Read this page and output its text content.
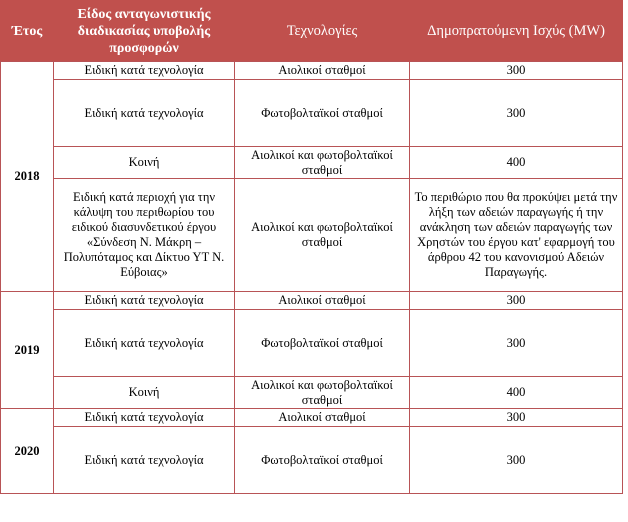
Έτος	Είδος ανταγωνιστικής διαδικασίας υποβολής προσφορών	Τεχνολογίες	Δημοπρατούμενη Ισχύς (MW)
2018	Ειδική κατά τεχνολογία	Αιολικοί σταθμοί	300
	Ειδική κατά τεχνολογία	Φωτοβολταϊκοί σταθμοί	300
	Κοινή	Αιολικοί και φωτοβολταϊκοί σταθμοί	400
	Ειδική κατά περιοχή για την κάλυψη του περιθωρίου του ειδικού διασυνδετικού έργου «Σύνδεση Ν. Μάκρη – Πολυπόταμος και Δίκτυο ΥΤ Ν. Εύβοιας»	Αιολικοί και φωτοβολταϊκοί σταθμοί	Το περιθώριο που θα προκύψει μετά την λήξη των αδειών παραγωγής ή την ανάκληση των αδειών παραγωγής των Χρηστών του έργου κατ' εφαρμογή του άρθρου 42 του κανονισμού Αδειών Παραγωγής.
2019	Ειδική κατά τεχνολογία	Αιολικοί σταθμοί	300
	Ειδική κατά τεχνολογία	Φωτοβολταϊκοί σταθμοί	300
	Κοινή	Αιολικοί και φωτοβολταϊκοί σταθμοί	400
2020	Ειδική κατά τεχνολογία	Αιολικοί σταθμοί	300
	Ειδική κατά τεχνολογία	Φωτοβολταϊκοί σταθμοί	300
